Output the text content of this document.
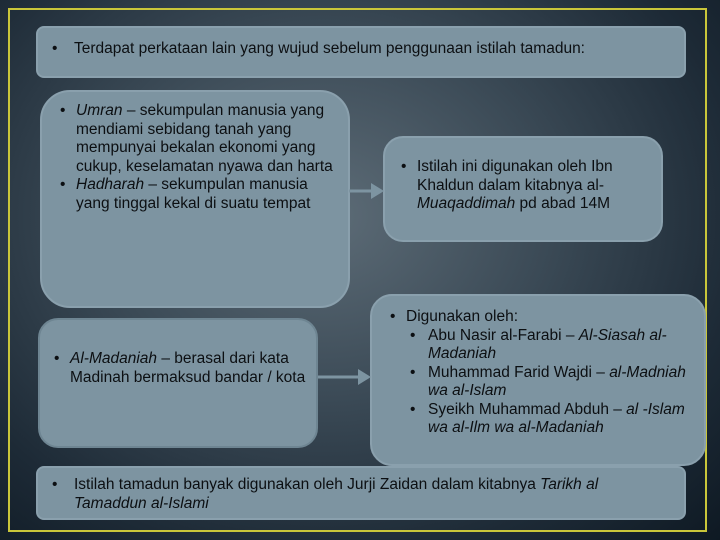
• Terdapat perkataan lain yang wujud sebelum penggunaan istilah tamadun:
• Umran – sekumpulan manusia yang mendiami sebidang tanah yang mempunyai bekalan ekonomi yang cukup, keselamatan nyawa dan harta
• Hadharah – sekumpulan manusia yang tinggal kekal di suatu tempat
• Istilah ini digunakan oleh Ibn Khaldun dalam kitabnya al-Muaqaddimah pd abad 14M
• Al-Madaniah – berasal dari kata Madinah bermaksud bandar / kota
• Digunakan oleh:
• Abu Nasir al-Farabi – Al-Siasah al-Madaniah
• Muhammad Farid Wajdi – al-Madniah wa al-Islam
• Syeikh Muhammad Abduh – al -Islam wa al-Ilm wa al-Madaniah
• Istilah tamadun banyak digunakan oleh Jurji Zaidan dalam kitabnya Tarikh al Tamaddun al-Islami
